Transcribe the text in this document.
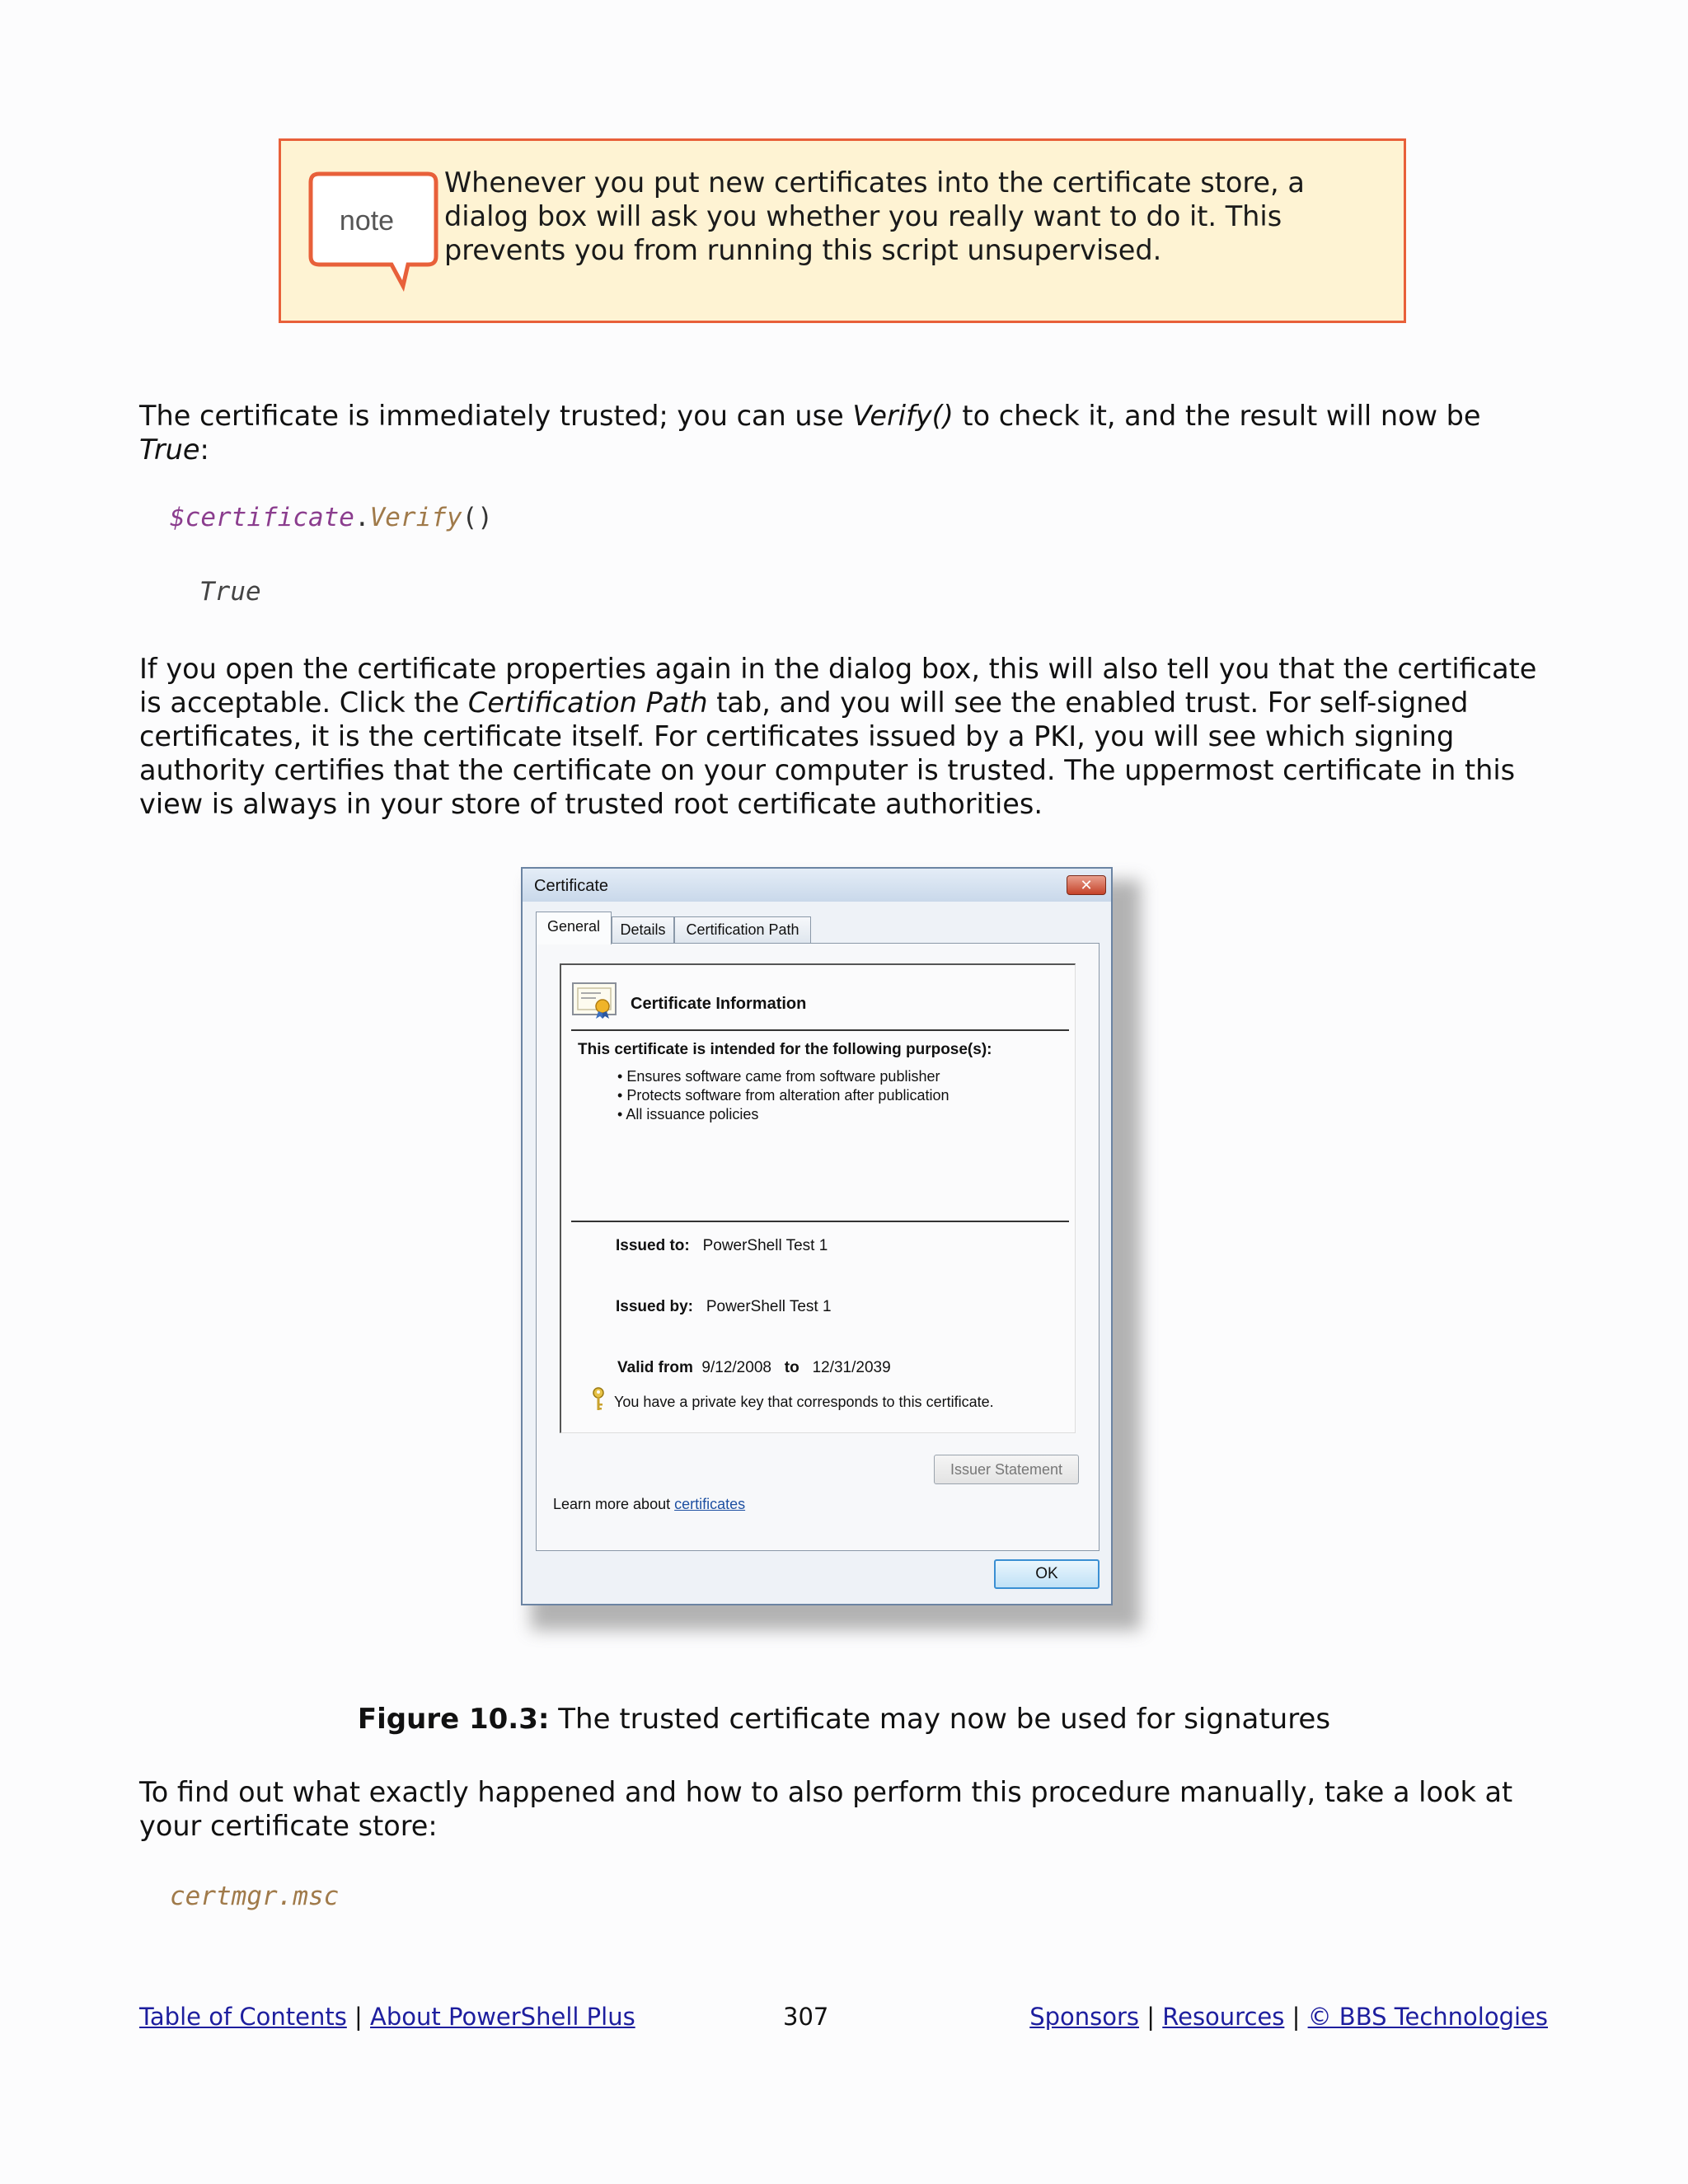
note
Whenever you put new certificates into the certificate store, a dialog box will ask you whether you really want to do it. This prevents you from running this script unsupervised.

The certificate is immediately trusted; you can use Verify() to check it, and the result will now be
True:

$certificate.Verify()
True

If you open the certificate properties again in the dialog box, this will also tell you that the certificate is acceptable. Click the Certification Path tab, and you will see the enabled trust. For self-signed certificates, it is the certificate itself. For certificates issued by a PKI, you will see which signing authority certifies that the certificate on your computer is trusted. The uppermost certificate in this view is always in your store of trusted root certificate authorities.

Certificate	✕
General	Details	Certification Path
Certificate Information
This certificate is intended for the following purpose(s):
• Ensures software came from software publisher
• Protects software from alteration after publication
• All issuance policies
Issued to: PowerShell Test 1
Issued by: PowerShell Test 1
Valid from 9/12/2008 to 12/31/2039
You have a private key that corresponds to this certificate.
Issuer Statement
Learn more about certificates
OK
Figure 10.3: The trusted certificate may now be used for signatures

To find out what exactly happened and how to also perform this procedure manually, take a look at your certificate store:

certmgr.msc
Table of Contents | About PowerShell Plus	307	Sponsors | Resources | © BBS Technologies
